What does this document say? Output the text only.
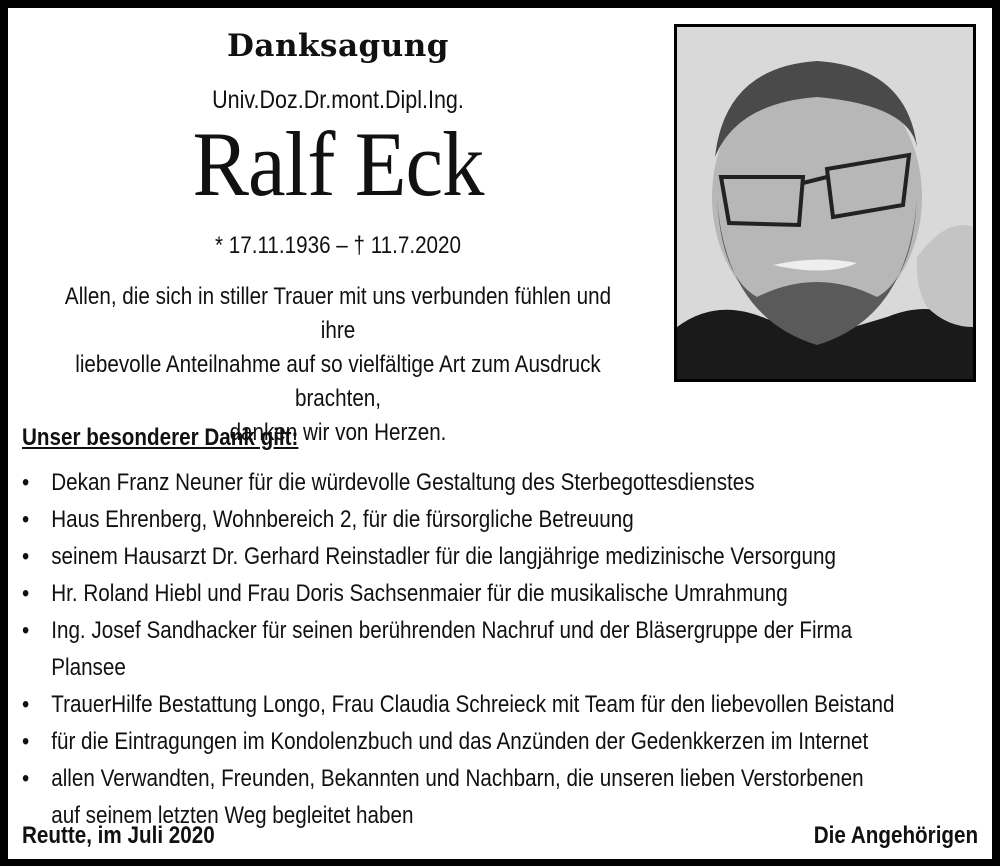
Danksagung
Univ.Doz.Dr.mont.Dipl.Ing.
Ralf Eck
* 17.11.1936 – † 11.7.2020
Allen, die sich in stiller Trauer mit uns verbunden fühlen und ihre
liebevolle Anteilnahme auf so vielfältige Art zum Ausdruck brachten,
danken wir von Herzen.
Unser besonderer Dank gilt:
• Dekan Franz Neuner für die würdevolle Gestaltung des Sterbegottesdienstes
• Haus Ehrenberg, Wohnbereich 2, für die fürsorgliche Betreuung
• seinem Hausarzt Dr. Gerhard Reinstadler für die langjährige medizinische Versorgung
• Hr. Roland Hiebl und Frau Doris Sachsenmaier für die musikalische Umrahmung
• Ing. Josef Sandhacker für seinen berührenden Nachruf und der Bläsergruppe der Firma Plansee
• TrauerHilfe Bestattung Longo, Frau Claudia Schreieck mit Team für den liebevollen Beistand
• für die Eintragungen im Kondolenzbuch und das Anzünden der Gedenkkerzen im Internet
• allen Verwandten, Freunden, Bekannten und Nachbarn, die unseren lieben Verstorbenen
auf seinem letzten Weg begleitet haben
Reutte, im Juli 2020	Die Angehörigen
